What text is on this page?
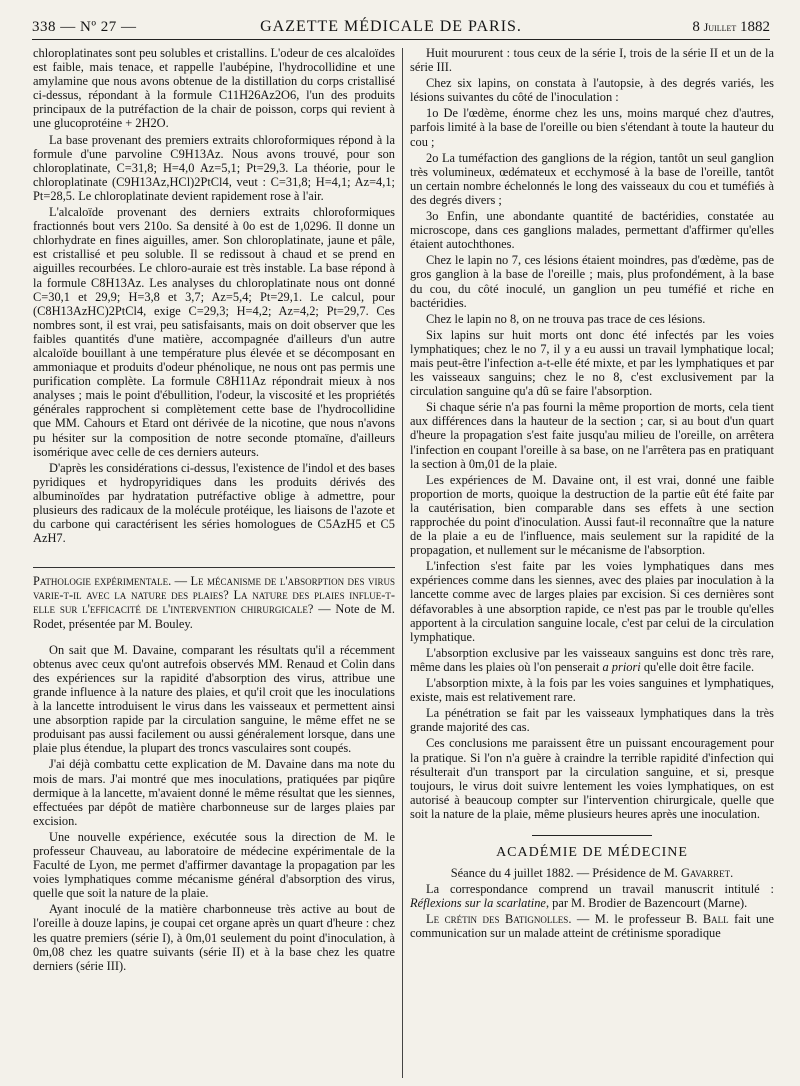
338 — Nº 27 —	GAZETTE MÉDICALE DE PARIS.	8 Juillet 1882

chloroplatinates sont peu solubles et cristallins. L'odeur de ces alcaloïdes est faible, mais tenace, et rappelle l'aubépine, l'hydrocollidine et une amylamine que nous avons obtenue de la distillation du corps cristallisé ci-dessus, répondant à la formule C11H26Az2O6, l'un des produits principaux de la putréfaction de la chair de poisson, corps qui revient à une glucoprotéine + 2H2O.

La base provenant des premiers extraits chloroformiques répond à la formule d'une parvoline C9H13Az. Nous avons trouvé, pour son chloroplatinate, C=31,8; H=4,0 Az=5,1; Pt=29,3. La théorie, pour le chloroplatinate (C9H13Az,HCl)2PtCl4, veut : C=31,8; H=4,1; Az=4,1; Pt=28,5. Le chloroplatinate devient rapidement rose à l'air.

L'alcaloïde provenant des derniers extraits chloroformiques fractionnés bout vers 210o. Sa densité à 0o est de 1,0296. Il donne un chlorhydrate en fines aiguilles, amer. Son chloroplatinate, jaune et pâle, est cristallisé et peu soluble. Il se redissout à chaud et se prend en aiguilles recourbées. Le chloro-auraie est très instable. La base répond à la formule C8H13Az. Les analyses du chloroplatinate nous ont donné C=30,1 et 29,9; H=3,8 et 3,7; Az=5,4; Pt=29,1. Le calcul, pour (C8H13AzHC)2PtCl4, exige C=29,3; H=4,2; Az=4,2; Pt=29,7. Ces nombres sont, il est vrai, peu satisfaisants, mais on doit observer que les faibles quantités d'une matière, accompagnée d'ailleurs d'un autre alcaloïde bouillant à une température plus élevée et se décomposant en ammoniaque et produits d'odeur phénolique, ne nous ont pas permis une purification complète. La formule C8H11Az répondrait mieux à nos analyses ; mais le point d'ébullition, l'odeur, la viscosité et les propriétés générales rapprochent si complètement cette base de l'hydrocollidine que MM. Cahours et Etard ont dérivée de la nicotine, que nous n'avons pu hésiter sur la composition de notre seconde ptomaïne, d'ailleurs isomérique avec celle de ces derniers auteurs.

D'après les considérations ci-dessus, l'existence de l'indol et des bases pyridiques et hydropyridiques dans les produits dérivés des albuminoïdes par hydratation putréfactive oblige à admettre, pour plusieurs des radicaux de la molécule protéique, les liaisons de l'azote et du carbone qui caractérisent les séries homologues de C5AzH5 et C5 AzH7.

Pathologie expérimentale. — Le mécanisme de l'absorption des virus varie-t-il avec la nature des plaies? La nature des plaies influe-t-elle sur l'efficacité de l'intervention chirurgicale? — Note de M. Rodet, présentée par M. Bouley.

On sait que M. Davaine, comparant les résultats qu'il a récemment obtenus avec ceux qu'ont autrefois observés MM. Renaud et Colin dans des expériences sur la rapidité d'absorption des virus, attribue une grande influence à la nature des plaies, et qu'il croit que les inoculations à la lancette introduisent le virus dans les vaisseaux et permettent ainsi une absorption rapide par la circulation sanguine, le même effet ne se produisant pas aussi facilement ou aussi généralement lorsque, dans une plaie plus étendue, la plupart des troncs vasculaires sont coupés.

J'ai déjà combattu cette explication de M. Davaine dans ma note du mois de mars. J'ai montré que mes inoculations, pratiquées par piqûre dermique à la lancette, m'avaient donné le même résultat que les siennes, effectuées par dépôt de matière charbonneuse sur de larges plaies par excision.

Une nouvelle expérience, exécutée sous la direction de M. le professeur Chauveau, au laboratoire de médecine expérimentale de la Faculté de Lyon, me permet d'affirmer davantage la propagation par les voies lymphatiques comme mécanisme général d'absorption des virus, quelle que soit la nature de la plaie.

Ayant inoculé de la matière charbonneuse très active au bout de l'oreille à douze lapins, je coupai cet organe après un quart d'heure : chez les quatre premiers (série I), à 0m,01 seulement du point d'inoculation, à 0m,08 chez les quatre suivants (série II) et à la base chez les quatre derniers (série III).

Huit moururent : tous ceux de la série I, trois de la série II et un de la série III.

Chez six lapins, on constata à l'autopsie, à des degrés variés, les lésions suivantes du côté de l'inoculation :

1o De l'œdème, énorme chez les uns, moins marqué chez d'autres, parfois limité à la base de l'oreille ou bien s'étendant à toute la hauteur du cou ;

2o La tuméfaction des ganglions de la région, tantôt un seul ganglion très volumineux, œdémateux et ecchymosé à la base de l'oreille, tantôt un certain nombre échelonnés le long des vaisseaux du cou et tuméfiés à des degrés divers ;

3o Enfin, une abondante quantité de bactéridies, constatée au microscope, dans ces ganglions malades, permettant d'affirmer qu'elles étaient autochthones.

Chez le lapin no 7, ces lésions étaient moindres, pas d'œdème, pas de gros ganglion à la base de l'oreille ; mais, plus profondément, à la base du cou, du côté inoculé, un ganglion un peu tuméfié et riche en bactéridies.

Chez le lapin no 8, on ne trouva pas trace de ces lésions.

Six lapins sur huit morts ont donc été infectés par les voies lymphatiques; chez le no 7, il y a eu aussi un travail lymphatique local; mais peut-être l'infection a-t-elle été mixte, et par les lymphatiques et par les vaisseaux sanguins; chez le no 8, c'est exclusivement par la circulation sanguine qu'a dû se faire l'absorption.

Si chaque série n'a pas fourni la même proportion de morts, cela tient aux différences dans la hauteur de la section ; car, si au bout d'un quart d'heure la propagation s'est faite jusqu'au milieu de l'oreille, on arrêtera l'infection en coupant l'oreille à sa base, on ne l'arrêtera pas en pratiquant la section à 0m,01 de la plaie.

Les expériences de M. Davaine ont, il est vrai, donné une faible proportion de morts, quoique la destruction de la partie eût été faite par la cautérisation, bien comparable dans ses effets à une section rapprochée du point d'inoculation. Aussi faut-il reconnaître que la nature de la plaie a eu de l'influence, mais seulement sur la rapidité de la propagation, et nullement sur le mécanisme de l'absorption.

L'infection s'est faite par les voies lymphatiques dans mes expériences comme dans les siennes, avec des plaies par inoculation à la lancette comme avec de larges plaies par excision. Si ces dernières sont défavorables à une absorption rapide, ce n'est pas par le trouble qu'elles apportent à la circulation sanguine locale, c'est par celui de la circulation lymphatique.

L'absorption exclusive par les vaisseaux sanguins est donc très rare, même dans les plaies où l'on penserait a priori qu'elle doit être facile.

L'absorption mixte, à la fois par les voies sanguines et lymphatiques, existe, mais est relativement rare.

La pénétration se fait par les vaisseaux lymphatiques dans la très grande majorité des cas.

Ces conclusions me paraissent être un puissant encouragement pour la pratique. Si l'on n'a guère à craindre la terrible rapidité d'infection qui résulterait d'un transport par la circulation sanguine, et si, presque toujours, le virus doit suivre lentement les voies lymphatiques, on est autorisé à beaucoup compter sur l'intervention chirurgicale, quelle que soit la nature de la plaie, même plusieurs heures après une inoculation.

ACADÉMIE DE MÉDECINE

Séance du 4 juillet 1882. — Présidence de M. Gavarret.

La correspondance comprend un travail manuscrit intitulé : Réflexions sur la scarlatine, par M. Brodier de Bazencourt (Marne).

Le crétin des Batignolles. — M. le professeur B. Ball fait une communication sur un malade atteint de crétinisme sporadique
